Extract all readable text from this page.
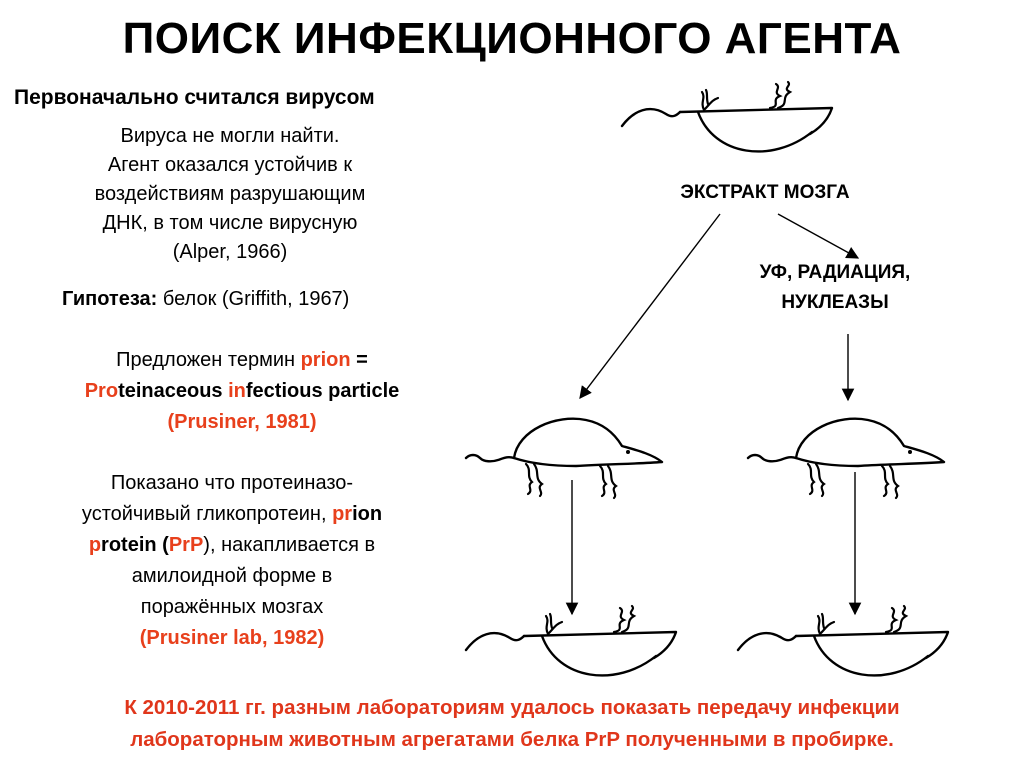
ПОИСК ИНФЕКЦИОННОГО АГЕНТА
Первоначально считался вирусом
Вируса не могли найти.
Агент оказался устойчив к
воздействиям разрушающим
ДНК, в том числе вирусную
(Alper, 1966)
Гипотеза: белок (Griffith, 1967)
Предложен термин prion =
Proteinaceous infectious particle
(Prusiner, 1981)
Показано что протеиназо-
устойчивый гликопротеин, prion
protein (PrP), накапливается в
амилоидной форме в
поражённых мозгах
(Prusiner lab, 1982)
ЭКСТРАКТ МОЗГА
УФ, РАДИАЦИЯ,
НУКЛЕАЗЫ
К 2010-2011 гг. разным лабораториям удалось показать передачу инфекции
лабораторным животным агрегатами белка PrP полученными в пробирке.
